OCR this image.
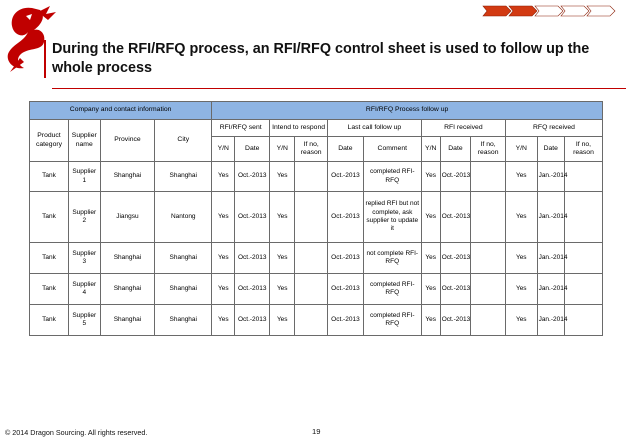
During the RFI/RFQ process, an RFI/RFQ control sheet is used to follow up the whole process
Company and contact information				RFI/RFQ Process follow up											
Product category	Supplier name	Province	City	RFI/RFQ sent		Intend to respond		Last call follow up		RFI received			RFQ received		
				Y/N	Date	Y/N	If no, reason	Date	Comment	Y/N	Date	If no, reason	Y/N	Date	If no, reason
Tank	Supplier 1	Shanghai	Shanghai	Yes	Oct.-2013	Yes		Oct.-2013	completed RFI-RFQ	Yes	Oct.-2013		Yes	Jan.-2014	
Tank	Supplier 2	Jiangsu	Nantong	Yes	Oct.-2013	Yes		Oct.-2013	replied RFI but not complete, ask supplier to update it	Yes	Oct.-2013		Yes	Jan.-2014	
Tank	Supplier 3	Shanghai	Shanghai	Yes	Oct.-2013	Yes		Oct.-2013	not complete RFI-RFQ	Yes	Oct.-2013		Yes	Jan.-2014	
Tank	Supplier 4	Shanghai	Shanghai	Yes	Oct.-2013	Yes		Oct.-2013	completed RFI-RFQ	Yes	Oct.-2013		Yes	Jan.-2014	
Tank	Supplier 5	Shanghai	Shanghai	Yes	Oct.-2013	Yes		Oct.-2013	completed RFI-RFQ	Yes	Oct.-2013		Yes	Jan.-2014	
© 2014 Dragon Sourcing. All rights reserved.	19
